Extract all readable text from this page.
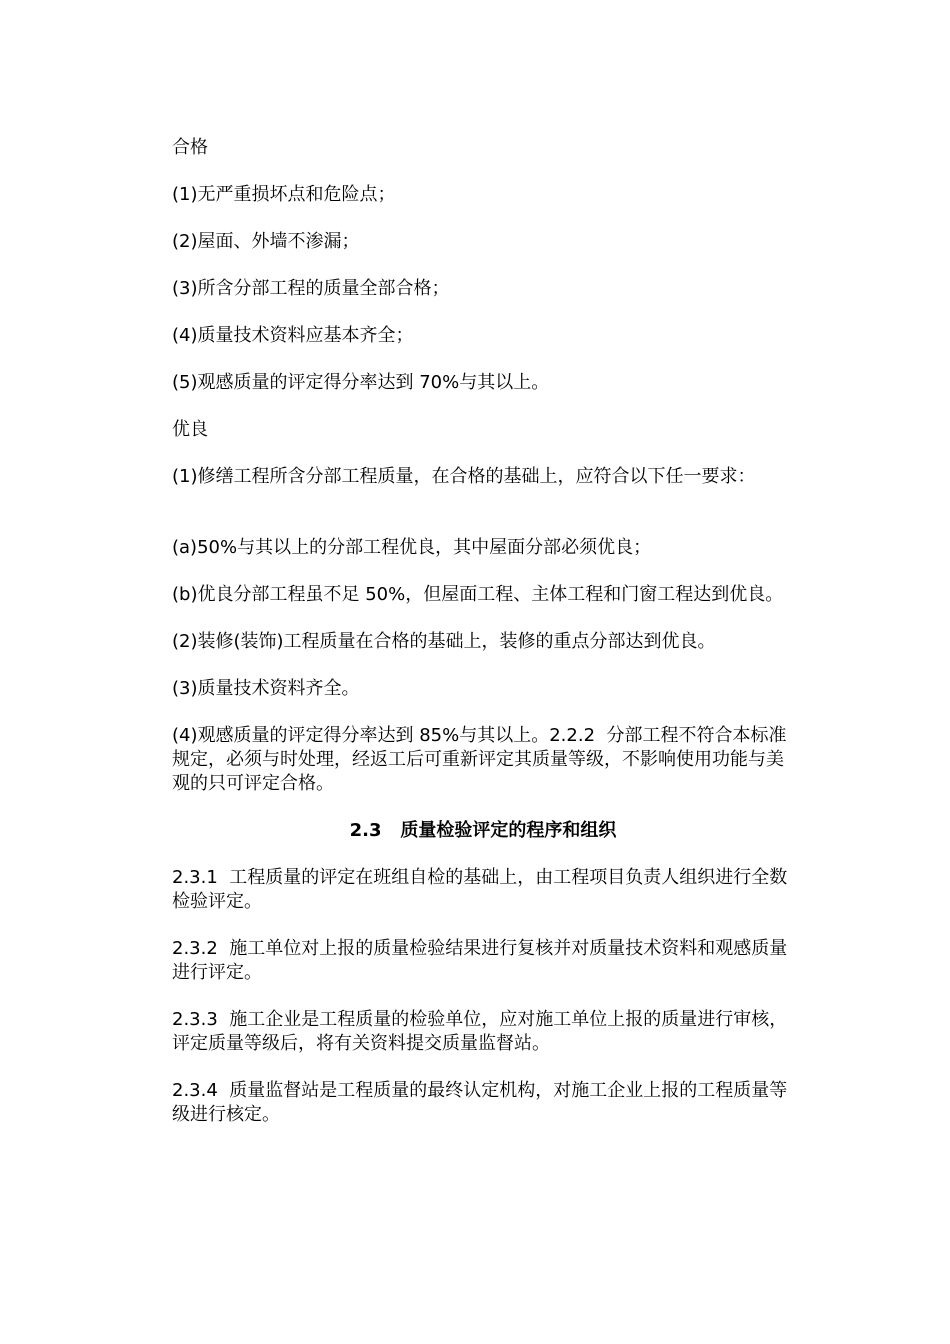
合格

(1)无严重损坏点和危险点；

(2)屋面、外墙不渗漏；

(3)所含分部工程的质量全部合格；

(4)质量技术资料应基本齐全；

(5)观感质量的评定得分率达到 70%与其以上。

优良

(1)修缮工程所含分部工程质量，在合格的基础上，应符合以下任一要求：

(a)50%与其以上的分部工程优良，其中屋面分部必须优良；

(b)优良分部工程虽不足 50%，但屋面工程、主体工程和门窗工程达到优良。

(2)装修(装饰)工程质量在合格的基础上，装修的重点分部达到优良。

(3)质量技术资料齐全。

(4)观感质量的评定得分率达到 85%与其以上。2.2.2  分部工程不符合本标准规定，必须与时处理，经返工后可重新评定其质量等级，不影响使用功能与美观的只可评定合格。

2.3   质量检验评定的程序和组织

2.3.1  工程质量的评定在班组自检的基础上，由工程项目负责人组织进行全数检验评定。

2.3.2  施工单位对上报的质量检验结果进行复核并对质量技术资料和观感质量进行评定。

2.3.3  施工企业是工程质量的检验单位，应对施工单位上报的质量进行审核，评定质量等级后，将有关资料提交质量监督站。

2.3.4  质量监督站是工程质量的最终认定机构，对施工企业上报的工程质量等级进行核定。
